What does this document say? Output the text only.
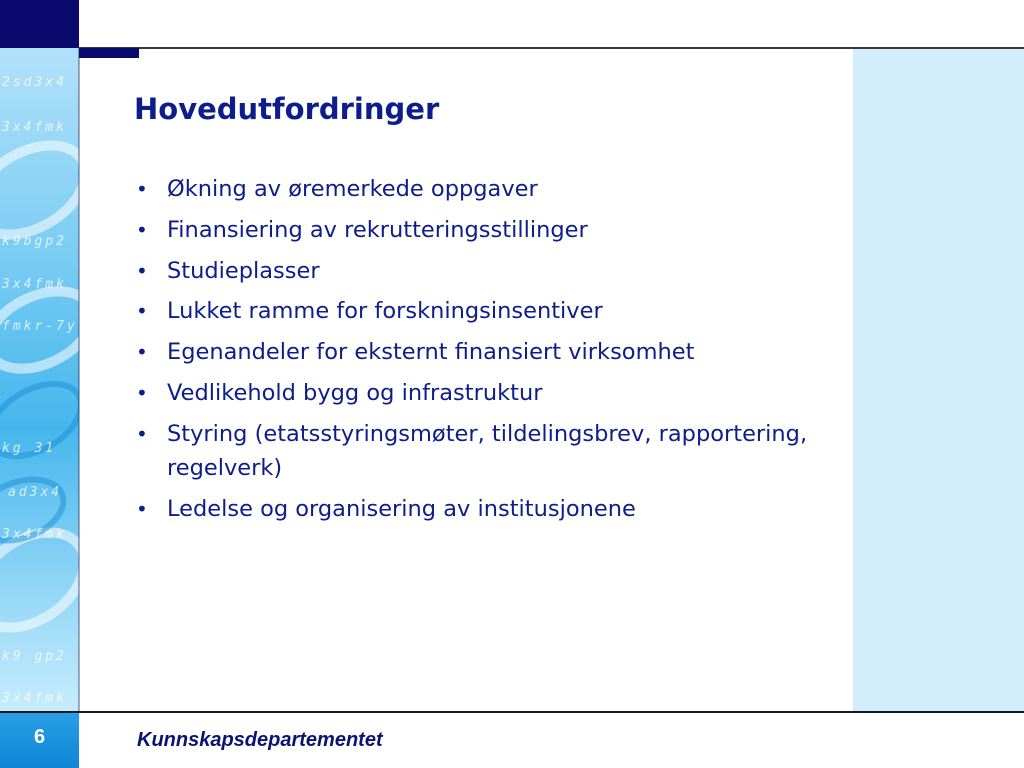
2sd3x4
3x4fmk
k9bgp2
3x4fmk
fmkr-7y
kg 31
ad3x4
3x4fmk
k9 gp2
3x4fmk
Hovedutfordringer
• Økning av øremerkede oppgaver
• Finansiering av rekrutteringsstillinger
• Studieplasser
• Lukket ramme for forskningsinsentiver
• Egenandeler for eksternt finansiert virksomhet
• Vedlikehold bygg og infrastruktur
• Styring (etatsstyringsmøter, tildelingsbrev, rapportering, regelverk)
• Ledelse og organisering av institusjonene
6	Kunnskapsdepartementet
